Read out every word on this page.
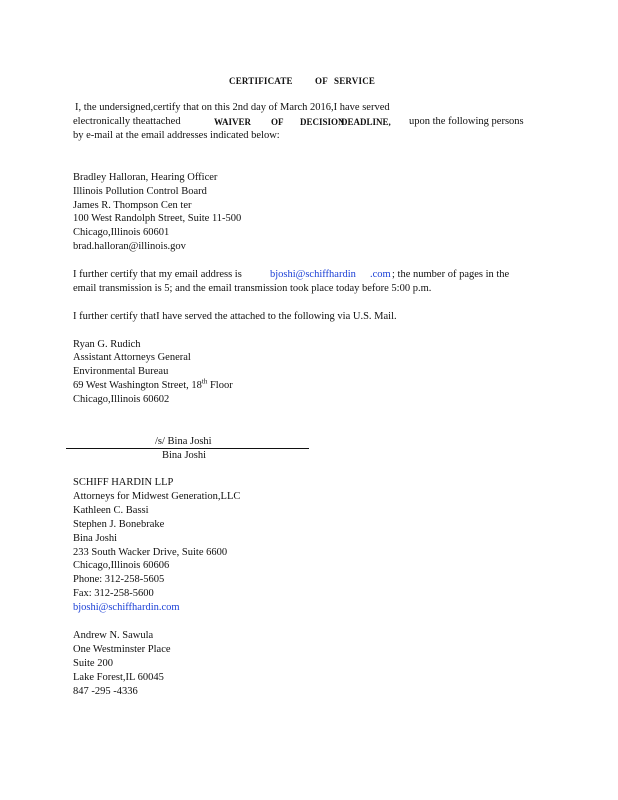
CERTIFICATE OF SERVICE
I, the undersigned,certify that on this 2nd day of March 2016,I have served
electronically theattached	WAIVER OF DECISION
DEADLINE, upon the following persons
by e-mail at the email addresses indicated below:
Bradley Halloran, Hearing Officer
Illinois Pollution Control Board
James R. Thompson Cen ter
100 West Randolph Street, Suite 11-500
Chicago,Illinois 60601
brad.halloran@illinois.gov
I further certify that my email address is	bjoshi@schiffhardin .com ; the number of pages in the
email transmission is 5; and the email transmission took place today before 5:00 p.m.
I further certify thatI have served the attached to the following via U.S. Mail.
Ryan G. Rudich
Assistant Attorneys General
Environmental Bureau
69 West Washington Street, 18th Floor
Chicago,Illinois 60602
/s/ Bina Joshi
Bina Joshi
SCHIFF HARDIN LLP
Attorneys for Midwest Generation,LLC
Kathleen C. Bassi
Stephen J. Bonebrake
Bina Joshi
233 South Wacker Drive, Suite 6600
Chicago,Illinois 60606
Phone: 312-258-5605
Fax: 312-258-5600
bjoshi@schiffhardin.com
Andrew N. Sawula
One Westminster Place
Suite 200
Lake Forest,IL 60045
847 -295 -4336
